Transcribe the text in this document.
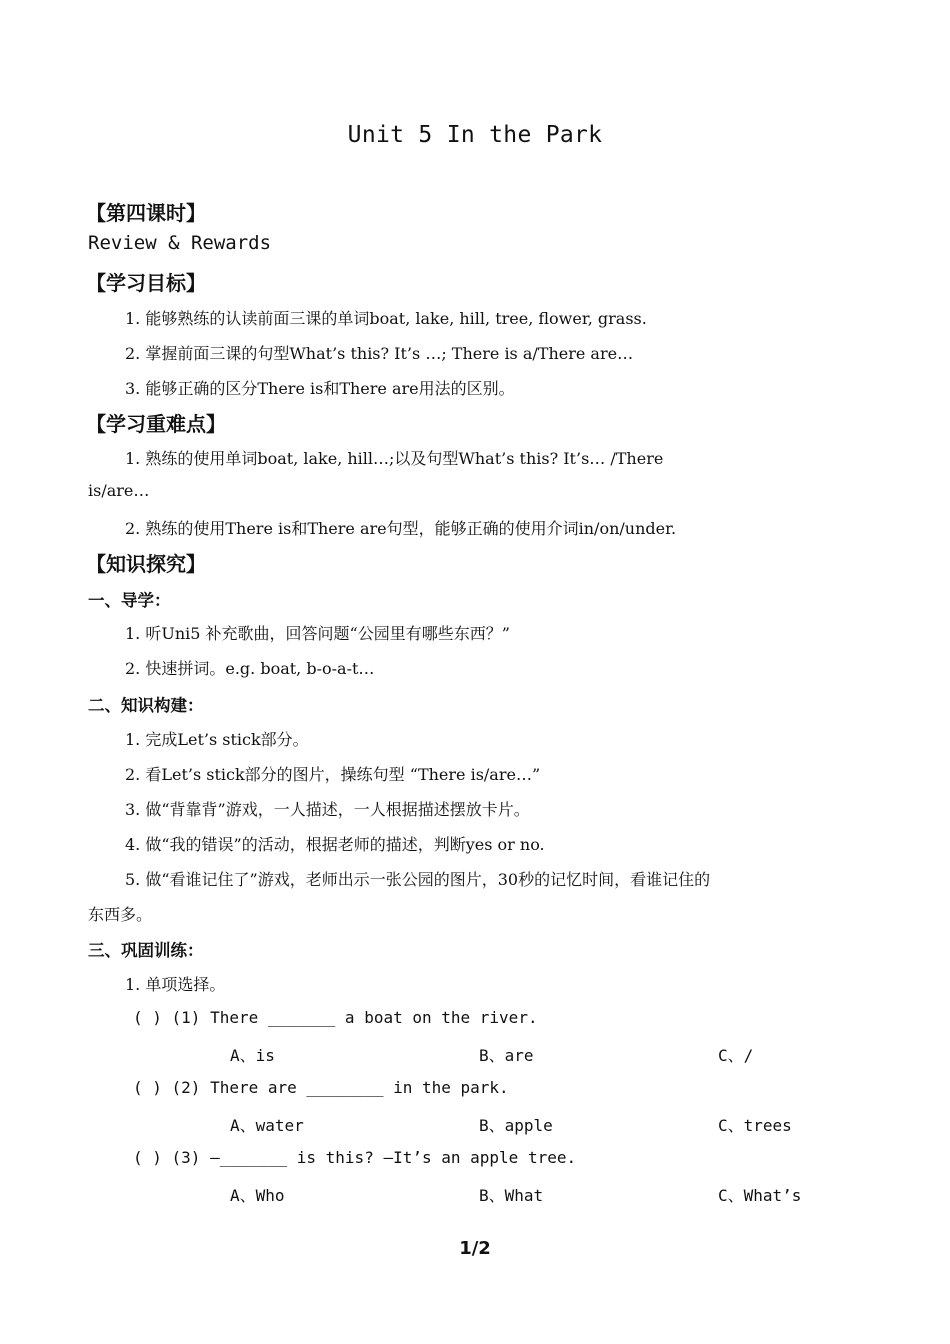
Unit 5 In the Park
【第四课时】
Review & Rewards
【学习目标】
1. 能够熟练的认读前面三课的单词boat, lake, hill, tree, flower, grass.
2. 掌握前面三课的句型What’s this? It’s …; There is a/There are…
3. 能够正确的区分There is和There are用法的区别。
【学习重难点】
1. 熟练的使用单词boat, lake, hill…;以及句型What’s this? It’s… /There
is/are…
2. 熟练的使用There is和There are句型，能够正确的使用介词in/on/under.
【知识探究】
一、导学：
1. 听Uni5 补充歌曲，回答问题“公园里有哪些东西？”
2. 快速拼词。e.g. boat, b-o-a-t…
二、知识构建：
1. 完成Let’s stick部分。
2. 看Let’s stick部分的图片，操练句型 “There is/are…”
3. 做“背靠背”游戏，一人描述，一人根据描述摆放卡片。
4. 做“我的错误”的活动，根据老师的描述，判断yes or no.
5. 做“看谁记住了”游戏，老师出示一张公园的图片，30秒的记忆时间，看谁记住的
东西多。
三、巩固训练：
1. 单项选择。
( ) (1) There _______ a boat on the river.
A、is	B、are	C、/
( ) (2) There are ________ in the park.
A、water	B、apple	C、trees
( ) (3) —_______ is this? —It’s an apple tree.
A、Who	B、What	C、What’s
1/2
